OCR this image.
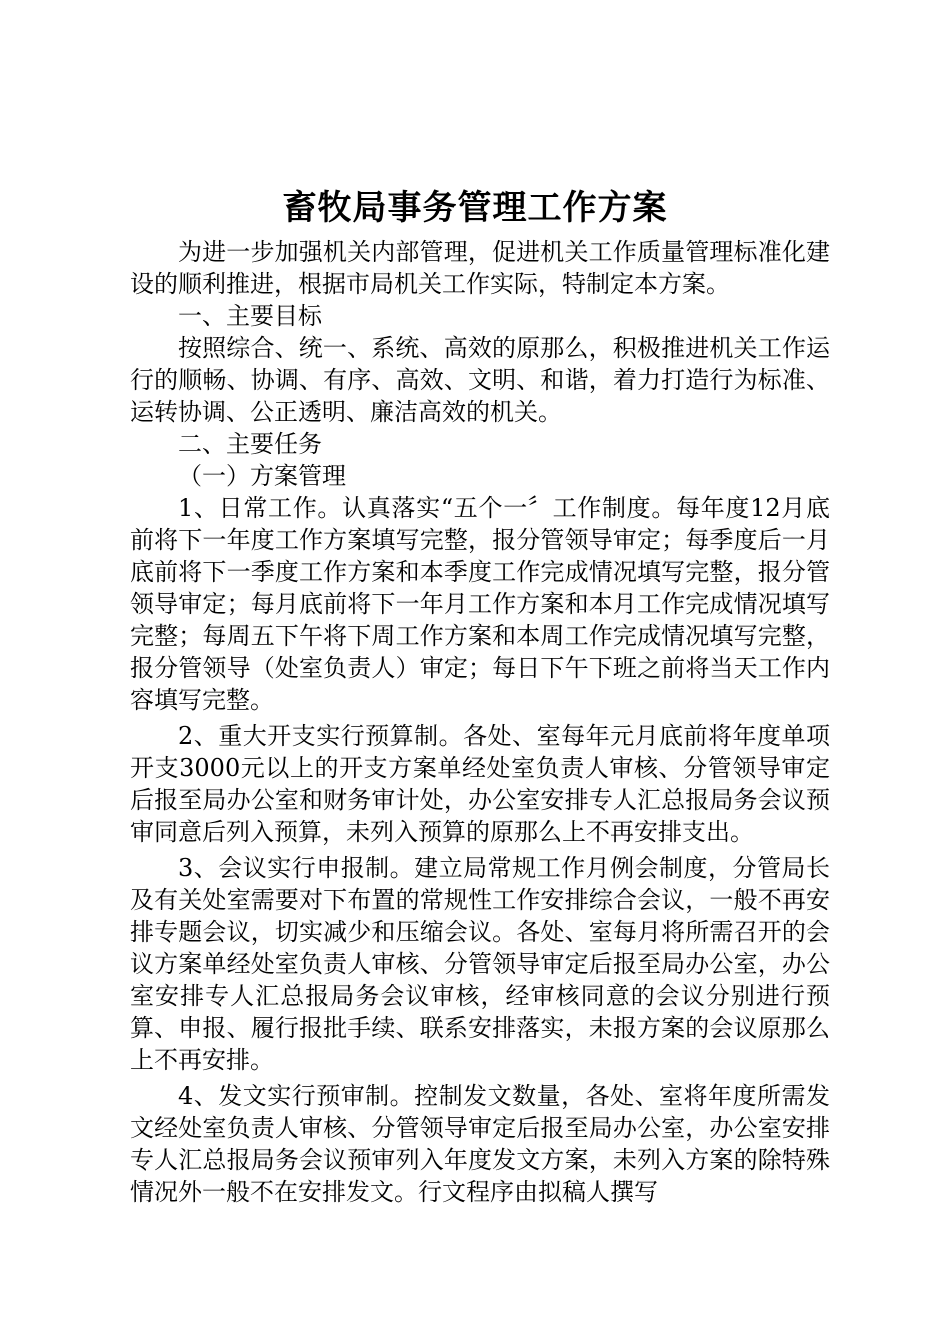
畜牧局事务管理工作方案

为进一步加强机关内部管理，促进机关工作质量管理标准化建设的顺利推进，根据市局机关工作实际，特制定本方案。

一、主要目标

按照综合、统一、系统、高效的原那么，积极推进机关工作运行的顺畅、协调、有序、高效、文明、和谐，着力打造行为标准、运转协调、公正透明、廉洁高效的机关。

二、主要任务

（一）方案管理

1、日常工作。认真落实“五个一〞工作制度。每年度12月底前将下一年度工作方案填写完整，报分管领导审定；每季度后一月底前将下一季度工作方案和本季度工作完成情况填写完整，报分管领导审定；每月底前将下一年月工作方案和本月工作完成情况填写完整；每周五下午将下周工作方案和本周工作完成情况填写完整，报分管领导（处室负责人）审定；每日下午下班之前将当天工作内容填写完整。

2、重大开支实行预算制。各处、室每年元月底前将年度单项开支3000元以上的开支方案单经处室负责人审核、分管领导审定后报至局办公室和财务审计处，办公室安排专人汇总报局务会议预审同意后列入预算，未列入预算的原那么上不再安排支出。

3、会议实行申报制。建立局常规工作月例会制度，分管局长及有关处室需要对下布置的常规性工作安排综合会议，一般不再安排专题会议，切实减少和压缩会议。各处、室每月将所需召开的会议方案单经处室负责人审核、分管领导审定后报至局办公室，办公室安排专人汇总报局务会议审核，经审核同意的会议分别进行预算、申报、履行报批手续、联系安排落实，未报方案的会议原那么上不再安排。

4、发文实行预审制。控制发文数量，各处、室将年度所需发文经处室负责人审核、分管领导审定后报至局办公室，办公室安排专人汇总报局务会议预审列入年度发文方案，未列入方案的除特殊情况外一般不在安排发文。行文程序由拟稿人撰写
